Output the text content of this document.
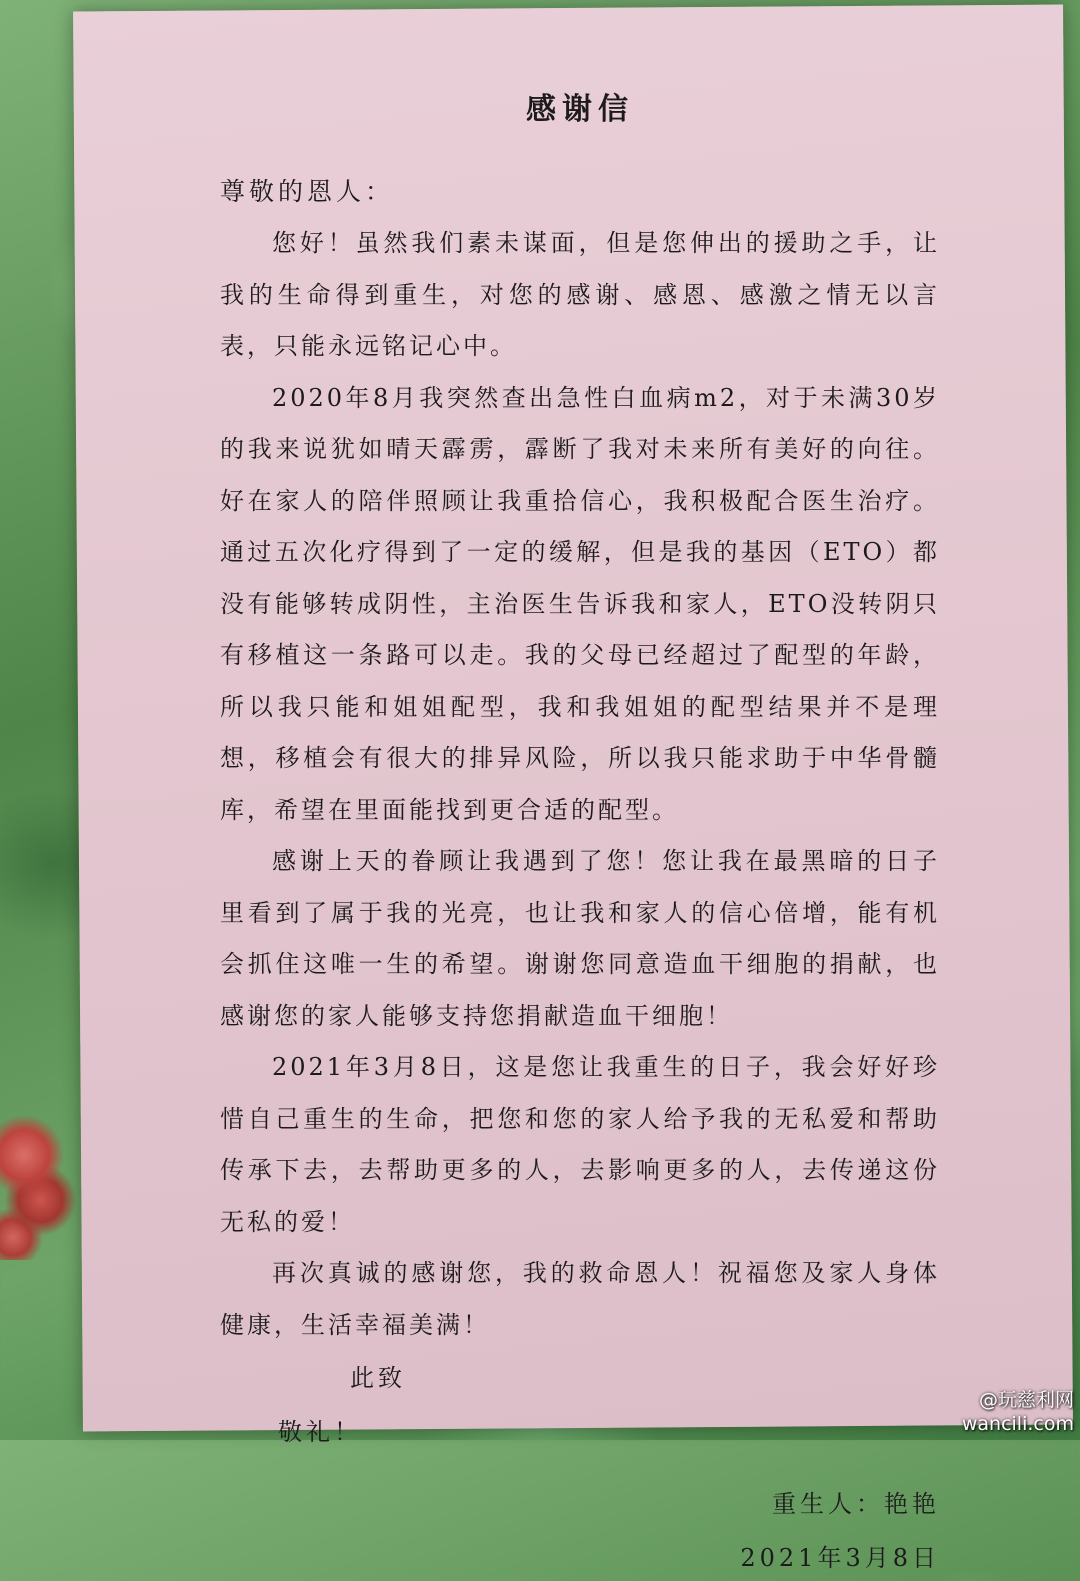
感谢信

尊敬的恩人：

您好！虽然我们素未谋面，但是您伸出的援助之手，让我的生命得到重生，对您的感谢、感恩、感激之情无以言表，只能永远铭记心中。

2020年8月我突然查出急性白血病m2，对于未满30岁的我来说犹如晴天霹雳，霹断了我对未来所有美好的向往。好在家人的陪伴照顾让我重拾信心，我积极配合医生治疗。通过五次化疗得到了一定的缓解，但是我的基因（ETO）都没有能够转成阴性，主治医生告诉我和家人，ETO没转阴只有移植这一条路可以走。我的父母已经超过了配型的年龄，所以我只能和姐姐配型，我和我姐姐的配型结果并不是理想，移植会有很大的排异风险，所以我只能求助于中华骨髓库，希望在里面能找到更合适的配型。

感谢上天的眷顾让我遇到了您！您让我在最黑暗的日子里看到了属于我的光亮，也让我和家人的信心倍增，能有机会抓住这唯一生的希望。谢谢您同意造血干细胞的捐献，也感谢您的家人能够支持您捐献造血干细胞！

2021年3月8日，这是您让我重生的日子，我会好好珍惜自己重生的生命，把您和您的家人给予我的无私爱和帮助传承下去，去帮助更多的人，去影响更多的人，去传递这份无私的爱！

再次真诚的感谢您，我的救命恩人！祝福您及家人身体健康，生活幸福美满！

此致

敬礼！

重生人：艳艳

2021年3月8日

@玩慈利网
wancili.com
